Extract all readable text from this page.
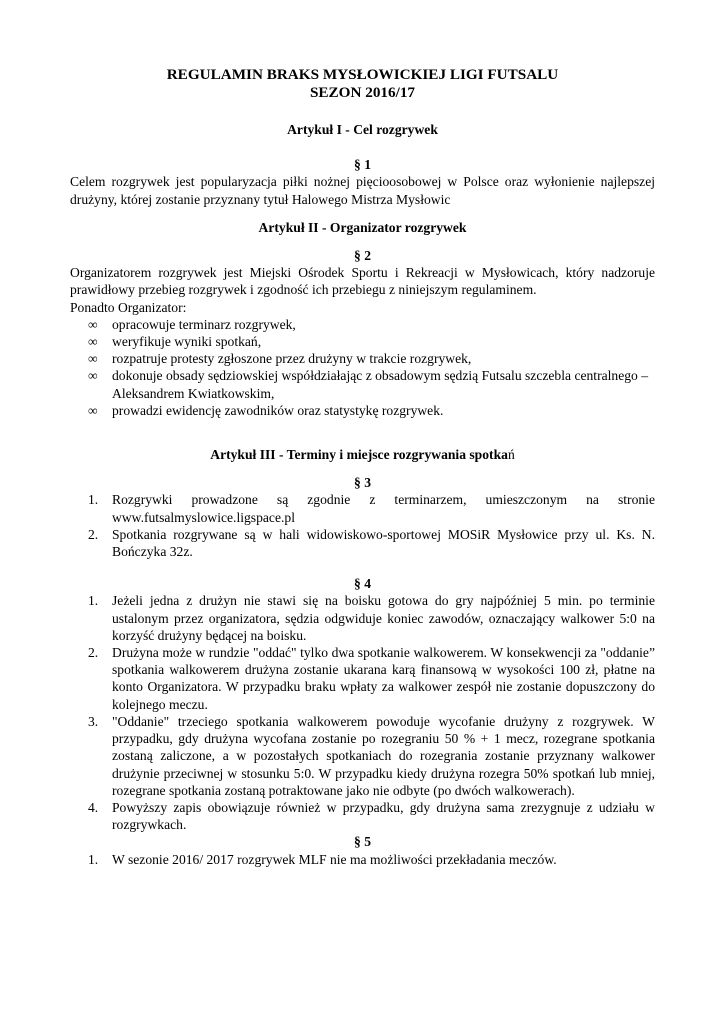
REGULAMIN BRAKS MYSŁOWICKIEJ LIGI FUTSALU
SEZON 2016/17

Artykuł I - Cel rozgrywek

§ 1

Celem rozgrywek jest popularyzacja piłki nożnej pięcioosobowej w Polsce oraz wyłonienie najlepszej drużyny, której zostanie przyznany tytuł Halowego Mistrza Mysłowic

Artykuł II - Organizator rozgrywek

§ 2

Organizatorem rozgrywek jest Miejski Ośrodek Sportu i Rekreacji w Mysłowicach, który nadzoruje prawidłowy przebieg rozgrywek i zgodność ich przebiegu z niniejszym regulaminem.

Ponadto Organizator:

∞ opracowuje terminarz rozgrywek,
∞ weryfikuje wyniki spotkań,
∞ rozpatruje protesty zgłoszone przez drużyny w trakcie rozgrywek,
∞ dokonuje obsady sędziowskiej współdziałając z obsadowym sędzią Futsalu szczebla centralnego – Aleksandrem Kwiatkowskim,
∞ prowadzi ewidencję zawodników oraz statystykę rozgrywek.

Artykuł III - Terminy i miejsce rozgrywania spotkań

§ 3

1. Rozgrywki prowadzone są zgodnie z terminarzem, umieszczonym na stronie www.futsalmyslowice.ligspace.pl
2. Spotkania rozgrywane są w hali widowiskowo-sportowej MOSiR Mysłowice przy ul. Ks. N. Bończyka 32z.

§ 4

1. Jeżeli jedna z drużyn nie stawi się na boisku gotowa do gry najpóźniej 5 min. po terminie ustalonym przez organizatora, sędzia odgwiduje koniec zawodów, oznaczający walkower 5:0 na korzyść drużyny będącej na boisku.
2. Drużyna może w rundzie "oddać" tylko dwa spotkanie walkowerem. W konsekwencji za "oddanie” spotkania walkowerem drużyna zostanie ukarana karą finansową w wysokości 100 zł, płatne na konto Organizatora. W przypadku braku wpłaty za walkower zespół nie zostanie dopuszczony do kolejnego meczu.
3. "Oddanie" trzeciego spotkania walkowerem powoduje wycofanie drużyny z rozgrywek. W przypadku, gdy drużyna wycofana zostanie po rozegraniu 50 % + 1 mecz, rozegrane spotkania zostaną zaliczone, a w pozostałych spotkaniach do rozegrania zostanie przyznany walkower drużynie przeciwnej w stosunku 5:0. W przypadku kiedy drużyna rozegra 50% spotkań lub mniej, rozegrane spotkania zostaną potraktowane jako nie odbyte (po dwóch walkowerach).
4. Powyższy zapis obowiązuje również w przypadku, gdy drużyna sama zrezygnuje z udziału w rozgrywkach.

§ 5

1. W sezonie 2016/ 2017 rozgrywek MLF nie ma możliwości przekładania meczów.
